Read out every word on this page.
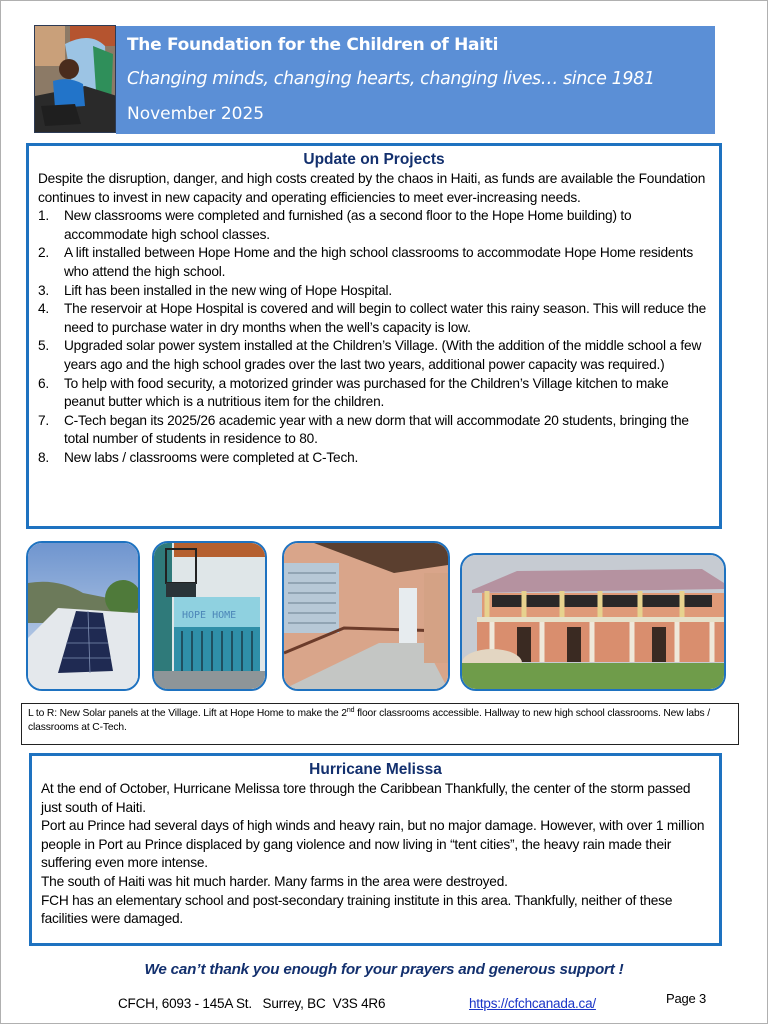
The Foundation for the Children of Haiti
Changing minds, changing hearts, changing lives… since 1981
November 2025
Update on Projects

Despite the disruption, danger, and high costs created by the chaos in Haiti, as funds are available the Foundation continues to invest in new capacity and operating efficiencies to meet ever-increasing needs.

1. New classrooms were completed and furnished (as a second floor to the Hope Home building) to accommodate high school classes.
2. A lift installed between Hope Home and the high school classrooms to accommodate Hope Home residents who attend the high school.
3. Lift has been installed in the new wing of Hope Hospital.
4. The reservoir at Hope Hospital is covered and will begin to collect water this rainy season. This will reduce the need to purchase water in dry months when the well’s capacity is low.
5. Upgraded solar power system installed at the Children’s Village. (With the addition of the middle school a few years ago and the high school grades over the last two years, additional power capacity was required.)
6. To help with food security, a motorized grinder was purchased for the Children’s Village kitchen to make peanut butter which is a nutritious item for the children.
7. C-Tech began its 2025/26 academic year with a new dorm that will accommodate 20 students, bringing the total number of students in residence to 80.
8. New labs / classrooms were completed at C-Tech.
HOPE HOME
L to R: New Solar panels at the Village. Lift at Hope Home to make the 2nd floor classrooms accessible. Hallway to new high school classrooms. New labs / classrooms at C-Tech.
Hurricane Melissa

At the end of October, Hurricane Melissa tore through the Caribbean Thankfully, the center of the storm passed just south of Haiti.

Port au Prince had several days of high winds and heavy rain, but no major damage. However, with over 1 million people in Port au Prince displaced by gang violence and now living in “tent cities”, the heavy rain made their suffering even more intense.

The south of Haiti was hit much harder. Many farms in the area were destroyed.

FCH has an elementary school and post-secondary training institute in this area. Thankfully, neither of these facilities were damaged.

We can’t thank you enough for your prayers and generous support !
CFCH, 6093 - 145A St.   Surrey, BC  V3S 4R6	https://cfchcanada.ca/	Page 3
